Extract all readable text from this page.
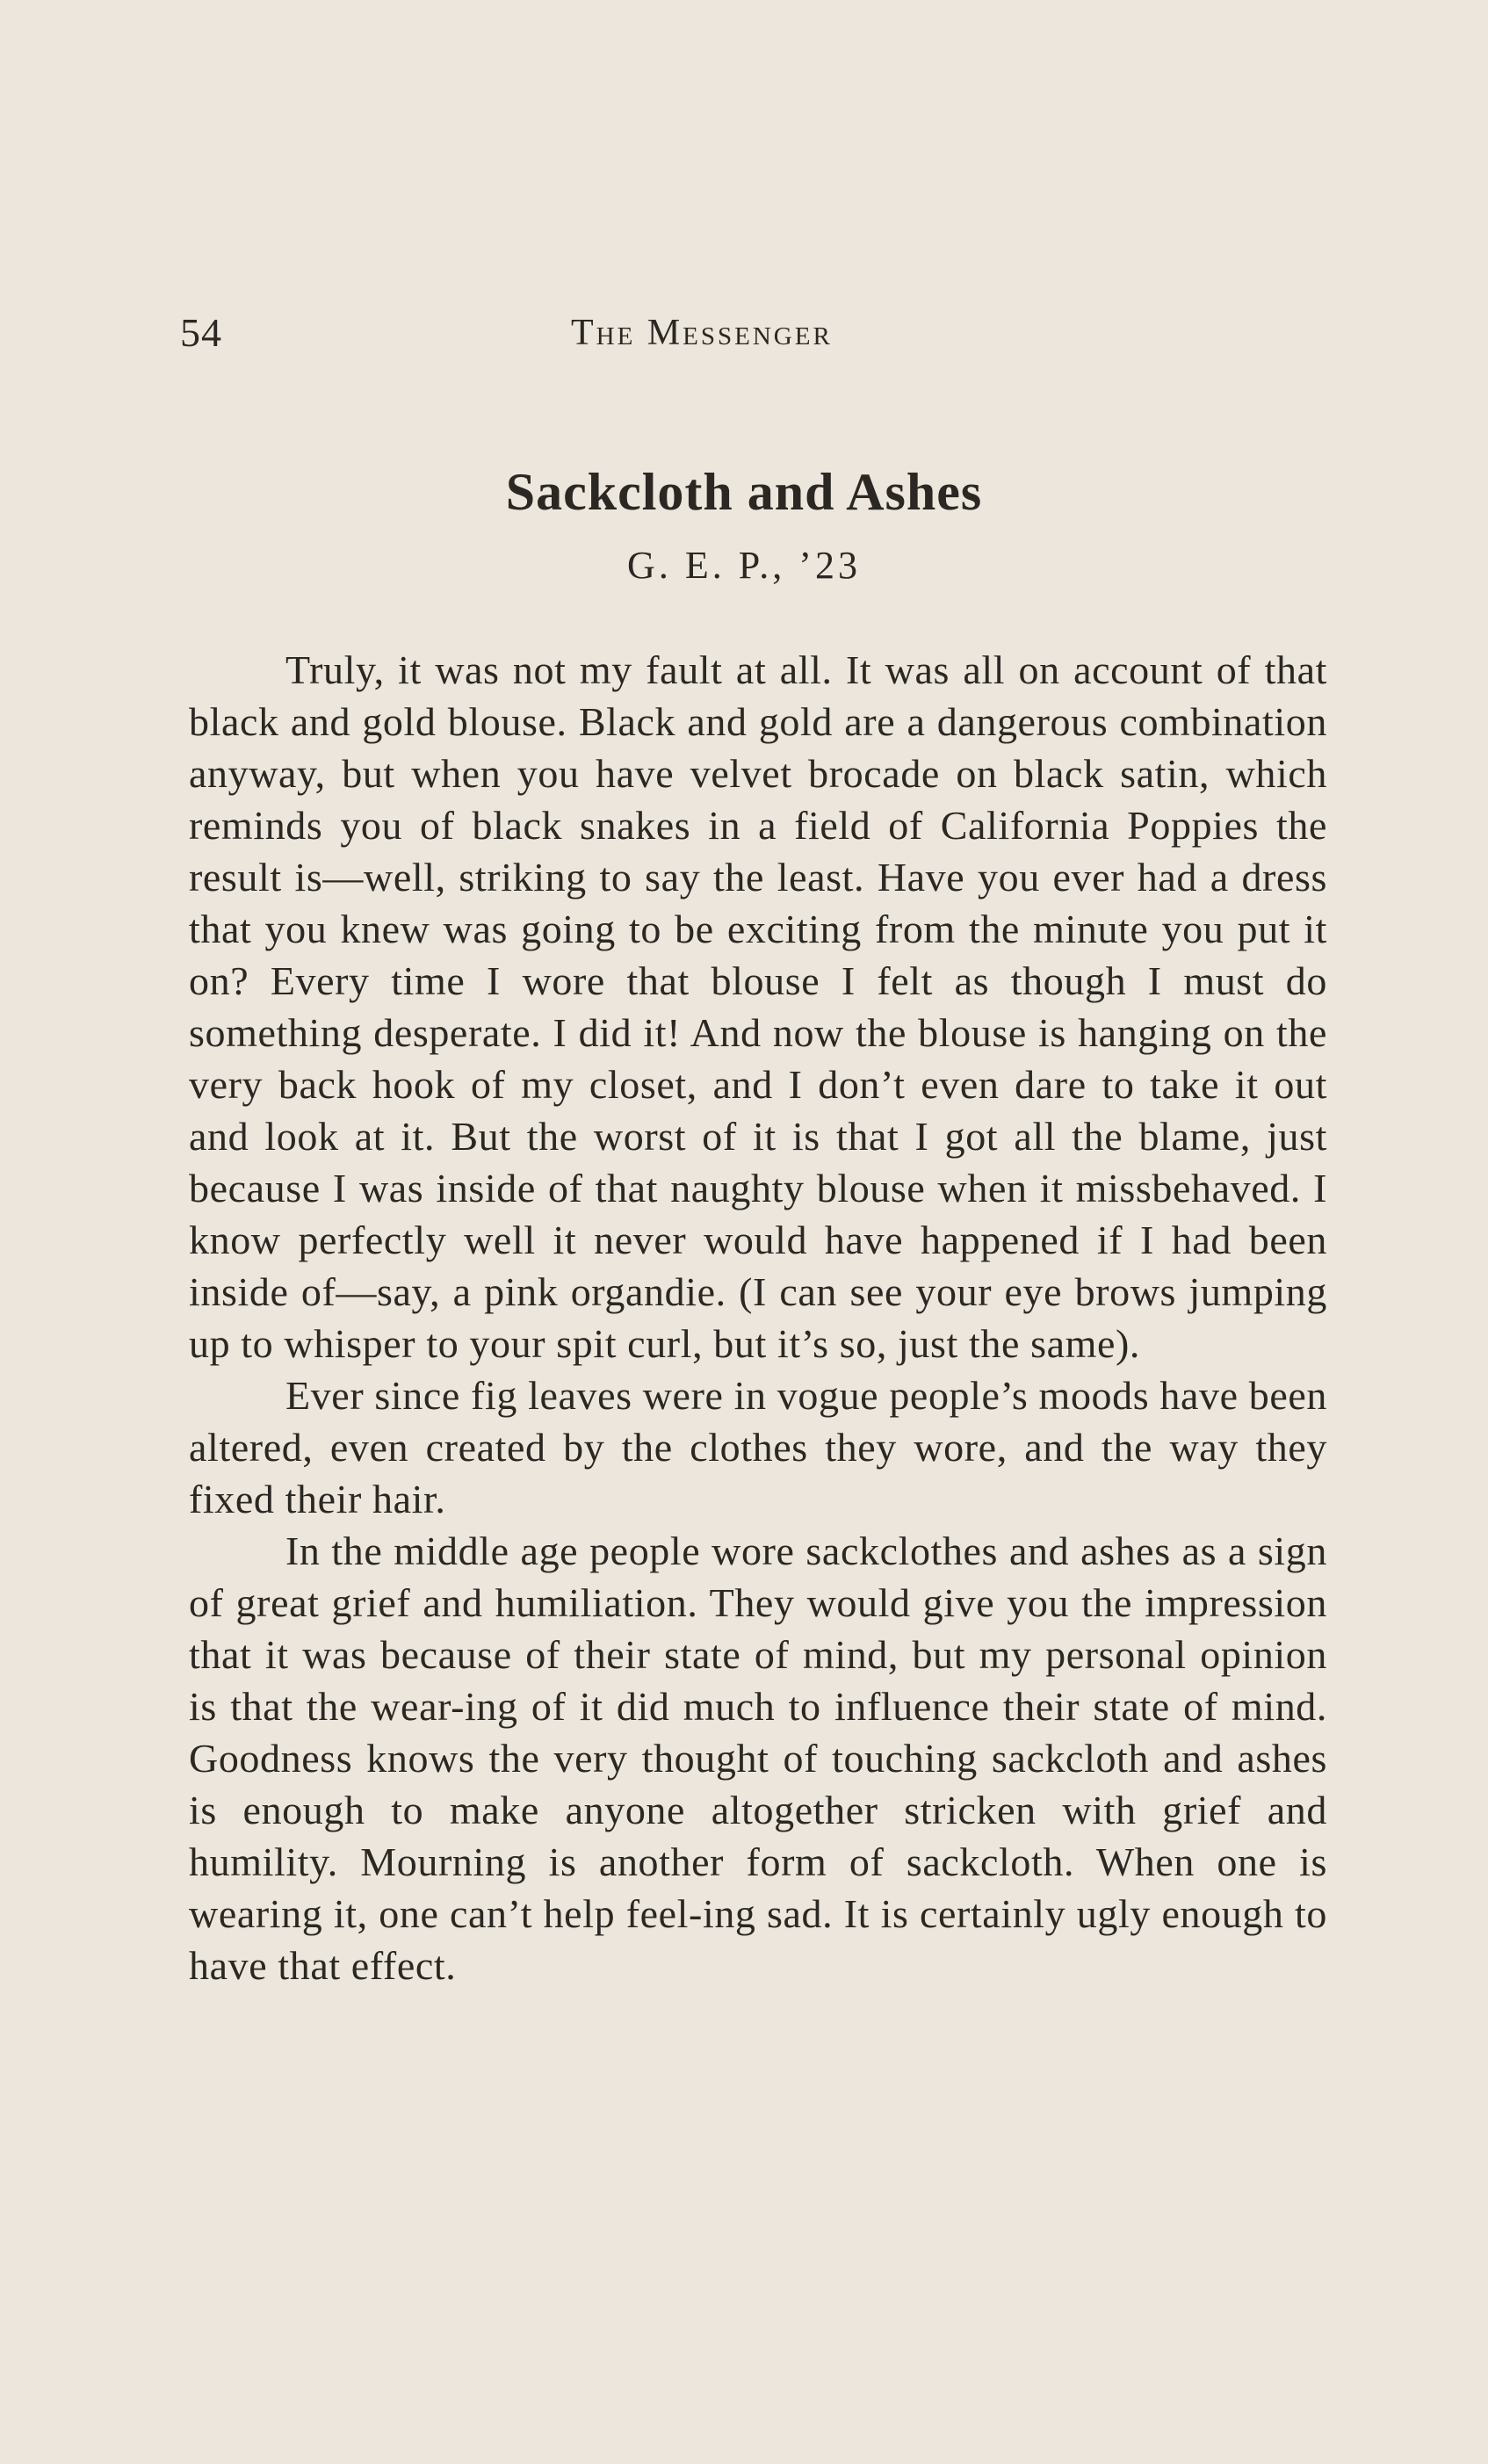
54	The Messenger
Sackcloth and Ashes
G. E. P., ’23

Truly, it was not my fault at all. It was all on account of that black and gold blouse. Black and gold are a dangerous combination anyway, but when you have velvet brocade on black satin, which reminds you of black snakes in a field of California Poppies the result is—well, striking to say the least. Have you ever had a dress that you knew was going to be exciting from the minute you put it on? Every time I wore that blouse I felt as though I must do something desperate. I did it! And now the blouse is hanging on the very back hook of my closet, and I don’t even dare to take it out and look at it. But the worst of it is that I got all the blame, just because I was inside of that naughty blouse when it missbehaved. I know perfectly well it never would have happened if I had been inside of—say, a pink organdie. (I can see your eye brows jumping up to whisper to your spit curl, but it’s so, just the same).

Ever since fig leaves were in vogue people’s moods have been altered, even created by the clothes they wore, and the way they fixed their hair.

In the middle age people wore sackclothes and ashes as a sign of great grief and humiliation. They would give you the impression that it was because of their state of mind, but my personal opinion is that the wear-ing of it did much to influence their state of mind. Goodness knows the very thought of touching sackcloth and ashes is enough to make anyone altogether stricken with grief and humility. Mourning is another form of sackcloth. When one is wearing it, one can’t help feel-ing sad. It is certainly ugly enough to have that effect.
